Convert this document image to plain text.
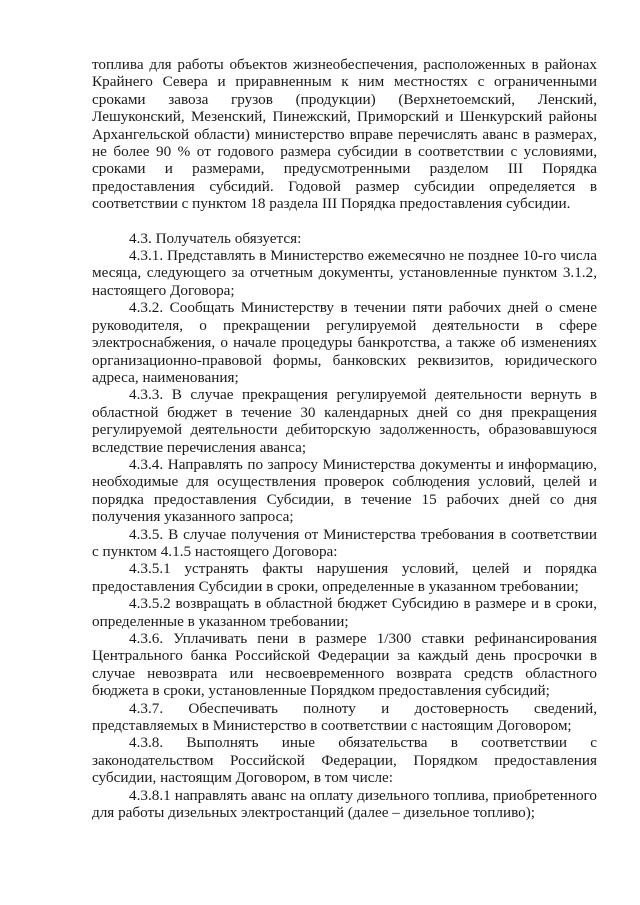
топлива для работы объектов жизнеобеспечения, расположенных в районах Крайнего Севера и приравненным к ним местностях с ограниченными сроками завоза грузов (продукции) (Верхнетоемский, Ленский, Лешуконский, Мезенский, Пинежский, Приморский и Шенкурский районы Архангельской области) министерство вправе перечислять аванс в размерах, не более 90 % от годового размера субсидии в соответствии с условиями, сроками и размерами, предусмотренными разделом III Порядка предоставления субсидий. Годовой размер субсидии определяется в соответствии с пунктом 18 раздела III Порядка предоставления субсидии.

4.3. Получатель обязуется:

4.3.1. Представлять в Министерство ежемесячно не позднее 10-го числа месяца, следующего за отчетным документы, установленные пунктом 3.1.2, настоящего Договора;

4.3.2. Сообщать Министерству в течении пяти рабочих дней о смене руководителя, о прекращении регулируемой деятельности в сфере электроснабжения, о начале процедуры банкротства, а также об изменениях организационно-правовой формы, банковских реквизитов, юридического адреса, наименования;

4.3.3. В случае прекращения регулируемой деятельности вернуть в областной бюджет в течение 30 календарных дней со дня прекращения регулируемой деятельности дебиторскую задолженность, образовавшуюся вследствие перечисления аванса;

4.3.4. Направлять по запросу Министерства документы и информацию, необходимые для осуществления проверок соблюдения условий, целей и порядка предоставления Субсидии, в течение 15 рабочих дней со дня получения указанного запроса;

4.3.5. В случае получения от Министерства требования в соответствии с пунктом 4.1.5 настоящего Договора:

4.3.5.1 устранять факты нарушения условий, целей и порядка предоставления Субсидии в сроки, определенные в указанном требовании;

4.3.5.2 возвращать в областной бюджет Субсидию в размере и в сроки, определенные в указанном требовании;

4.3.6. Уплачивать пени в размере 1/300 ставки рефинансирования Центрального банка Российской Федерации за каждый день просрочки в случае невозврата или несвоевременного возврата средств областного бюджета в сроки, установленные Порядком предоставления субсидий;

4.3.7. Обеспечивать полноту и достоверность сведений, представляемых в Министерство в соответствии с настоящим Договором;

4.3.8. Выполнять иные обязательства в соответствии с законодательством Российской Федерации, Порядком предоставления субсидии, настоящим Договором, в том числе:

4.3.8.1 направлять аванс на оплату дизельного топлива, приобретенного для работы дизельных электростанций (далее – дизельное топливо);
